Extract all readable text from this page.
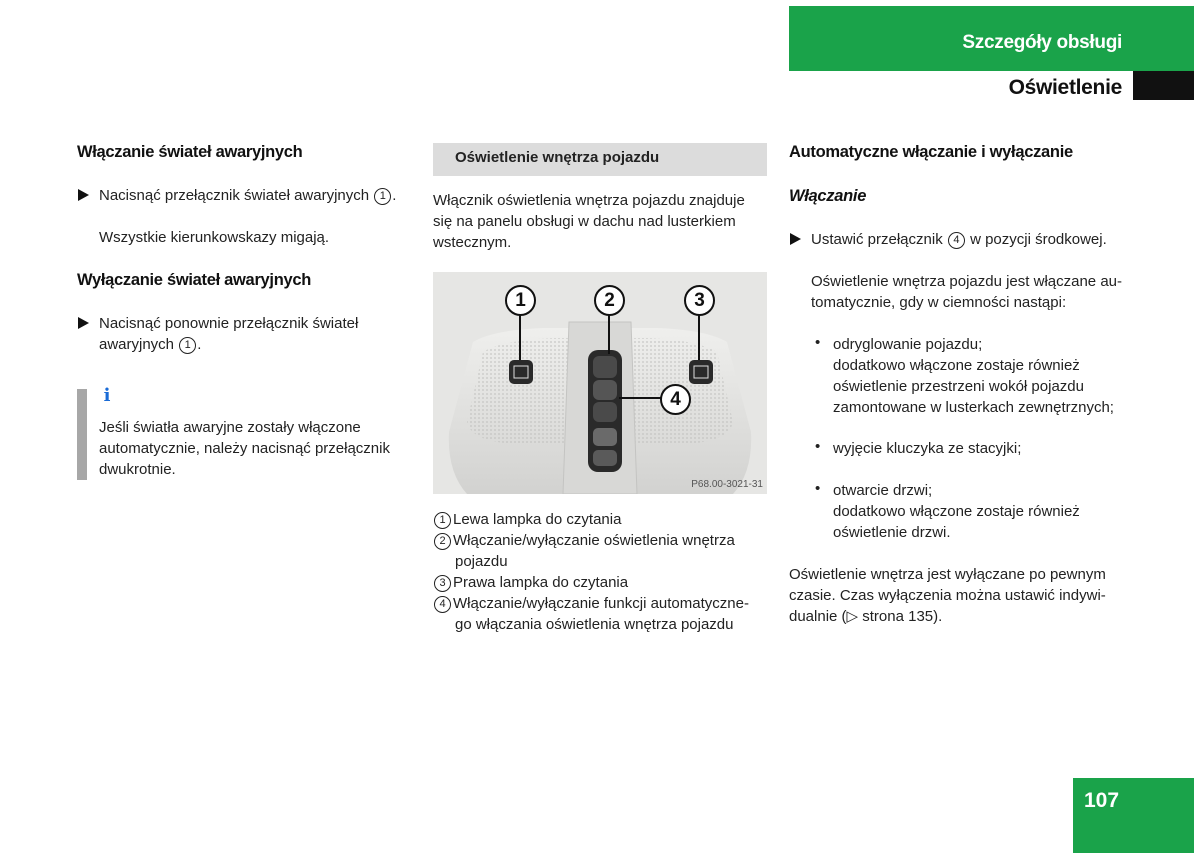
Szczegóły obsługi
Oświetlenie
Włączanie świateł awaryjnych

Nacisnąć przełącznik świateł awaryjnych 1 .

Wszystkie kierunkowskazy migają.

Wyłączanie świateł awaryjnych

Nacisnąć ponownie przełącznik świateł

awaryjnych 1 .

i

Jeśli światła awaryjne zostały włączone

automatycznie, należy nacisnąć przełącznik

dwukrotnie.

Oświetlenie wnętrza pojazdu

Włącznik oświetlenia wnętrza pojazdu znajduje

się na panelu obsługi w dachu nad lusterkiem

wstecznym.

1	2	3
4
P68.00-3021-31

1 Lewa lampka do czytania

2 Włączanie/wyłączanie oświetlenia wnętrza

pojazdu

3 Prawa lampka do czytania

4 Włączanie/wyłączanie funkcji automatyczne-

go włączania oświetlenia wnętrza pojazdu

Automatyczne włączanie i wyłączanie
Włączanie

Ustawić przełącznik 4 w pozycji środkowej.

Oświetlenie wnętrza pojazdu jest włączane au-

tomatycznie, gdy w ciemności nastąpi:

• odryglowanie pojazdu;

dodatkowo włączone zostaje również

oświetlenie przestrzeni wokół pojazdu

zamontowane w lusterkach zewnętrznych;

• wyjęcie kluczyka ze stacyjki;

• otwarcie drzwi;

dodatkowo włączone zostaje również

oświetlenie drzwi.

Oświetlenie wnętrza jest wyłączane po pewnym

czasie. Czas wyłączenia można ustawić indywi-

dualnie (▷ strona 135).

107
